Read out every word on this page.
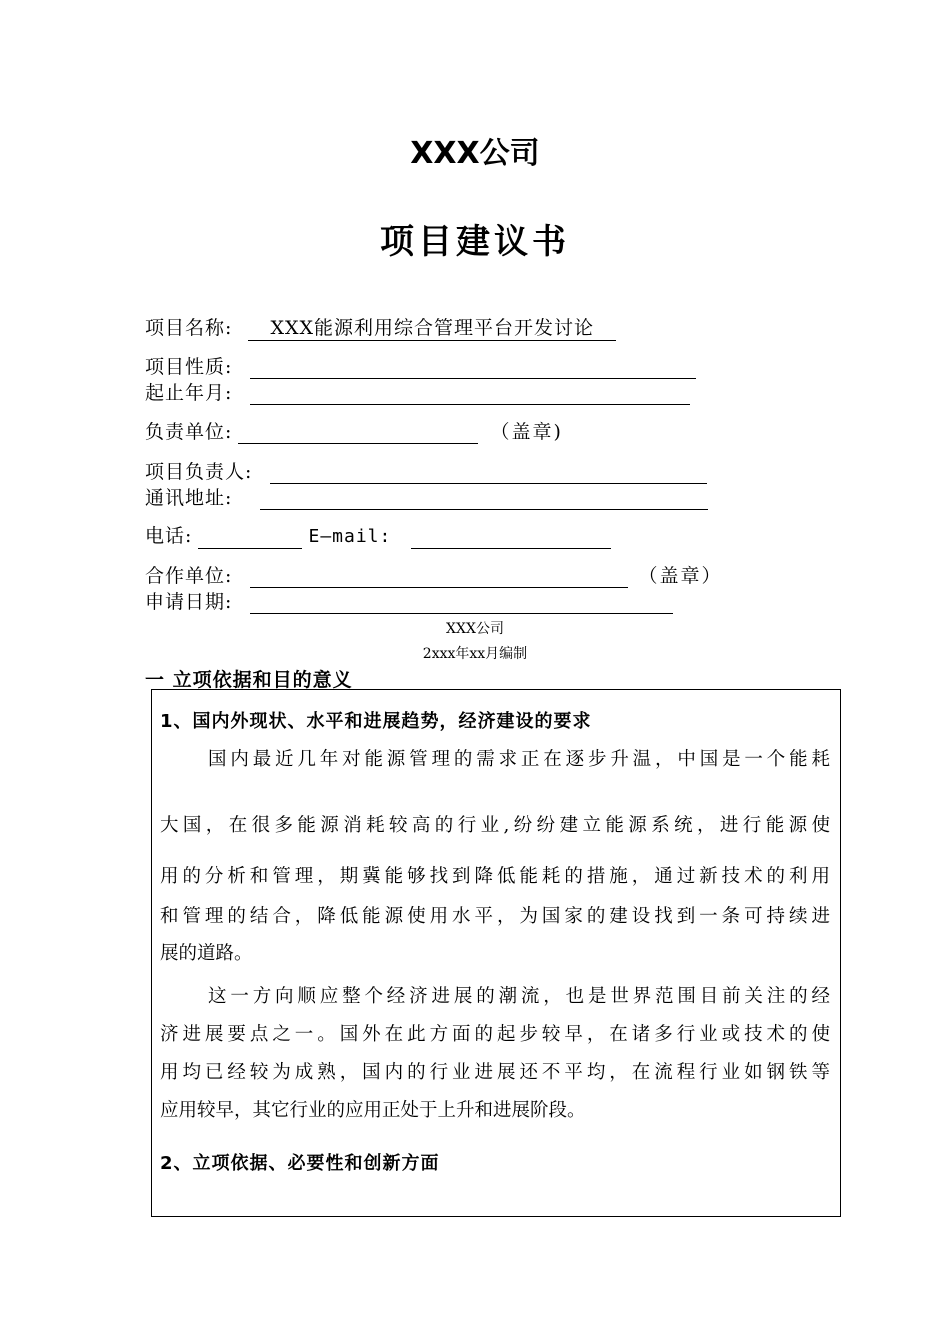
XXX公司
项目建议书
项目名称: XXX能源利用综合管理平台开发讨论
项目性质:
起止年月:
负责单位:	（盖章)
项目负责人:
通讯地址:
电话:	E—mail:
合作单位:	（盖章）
申请日期:
XXX公司
2xxx年xx月编制
一 立项依据和目的意义
1、国内外现状、水平和进展趋势，经济建设的要求
国内最近几年对能源管理的需求正在逐步升温，中国是一个能耗
大国，在很多能源消耗较高的行业,纷纷建立能源系统，进行能源使
用的分析和管理，期冀能够找到降低能耗的措施，通过新技术的利用
和管理的结合，降低能源使用水平，为国家的建设找到一条可持续进
展的道路。
这一方向顺应整个经济进展的潮流，也是世界范围目前关注的经
济进展要点之一。国外在此方面的起步较早，在诸多行业或技术的使
用均已经较为成熟，国内的行业进展还不平均，在流程行业如钢铁等
应用较早，其它行业的应用正处于上升和进展阶段。
2、立项依据、必要性和创新方面
